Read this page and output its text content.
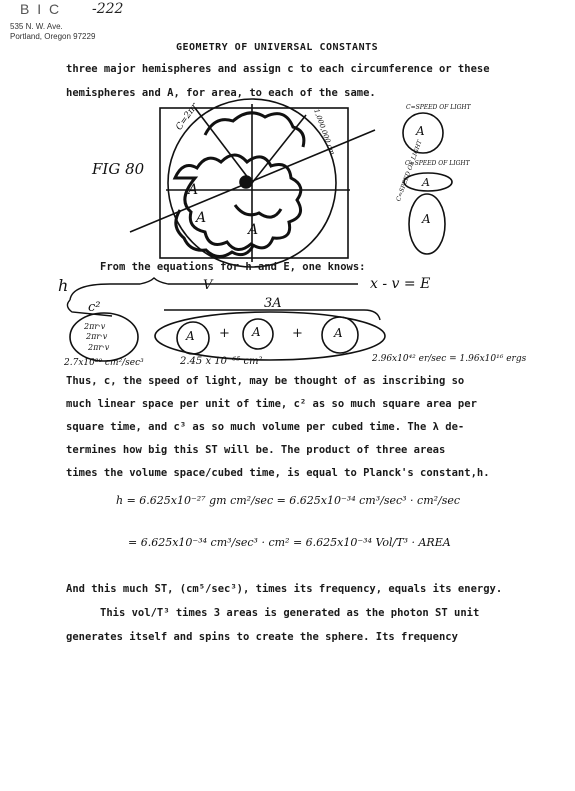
B I C -222
535 N. W. Ave.
Portland, Oregon 97229
GEOMETRY OF UNIVERSAL CONSTANTS
three major hemispheres and assign c to each circumference or these
hemispheres and A, for area, to each of the same.
FIG 80
C=2πr	1,000,000 cm
A
A
A
A
A
A
C=SPEED OF LIGHT
C=SPEED OF LIGHT
C=SPEED OF LIGHT
From the equations for h and E, one knows:
h	V	x - v = E
c²	3A
2πr·v
2πr·v
2πr·v
A + A +	A
2.7x10²⁰ cm²/sec³	2.45 x 10⁻⁶⁵ cm²	2.96x10⁴² er/sec = 1.96x10¹⁶ ergs
Thus, c, the speed of light, may be thought of as inscribing so
much linear space per unit of time, c² as so much square area per
square time, and c³ as so much volume per cubed time. The λ de-
termines how big this ST will be. The product of three areas
times the volume space/cubed time, is equal to Planck's constant,h.
h = 6.625x10⁻²⁷ gm cm²/sec = 6.625x10⁻³⁴ cm³/sec³ · cm²/sec
= 6.625x10⁻³⁴ cm³/sec³ · cm² = 6.625x10⁻³⁴ Vol/T³ · AREA
And this much ST, (cm⁵/sec³), times its frequency, equals its energy.
This vol/T³ times 3 areas is generated as the photon ST unit
generates itself and spins to create the sphere. Its frequency
